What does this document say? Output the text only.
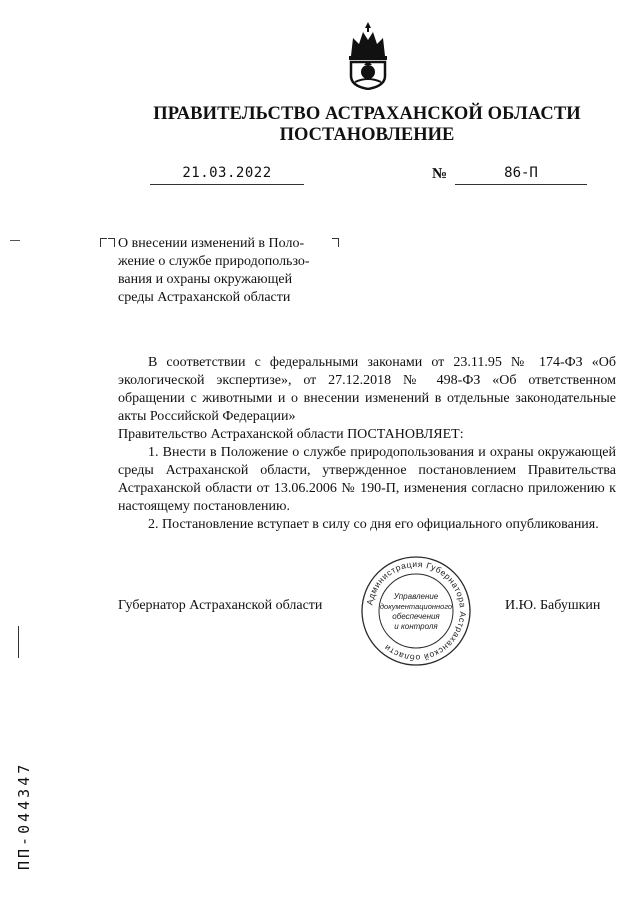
ПРАВИТЕЛЬСТВО АСТРАХАНСКОЙ ОБЛАСТИ
ПОСТАНОВЛЕНИЕ
21.03.2022	№	86-П
О внесении изменений в Поло-
жение о службе природопользо-
вания и охраны окружающей
среды Астраханской области

В соответствии с федеральными законами от 23.11.95 № 174-ФЗ «Об экологической экспертизе», от 27.12.2018 № 498-ФЗ «Об ответственном обращении с животными и о внесении изменений в отдельные законодательные акты Российской Федерации»

Правительство Астраханской области ПОСТАНОВЛЯЕТ:

1. Внести в Положение о службе природопользования и охраны окружающей среды Астраханской области, утвержденное постановлением Правительства Астраханской области от 13.06.2006 № 190-П, изменения согласно приложению к настоящему постановлению.

2. Постановление вступает в силу со дня его официального опубликования.

Губернатор Астраханской области	И.Ю. Бабушкин
Администрация Губернатора Астраханской области
Управление
документационного
обеспечения
и контроля
ПП-044347
